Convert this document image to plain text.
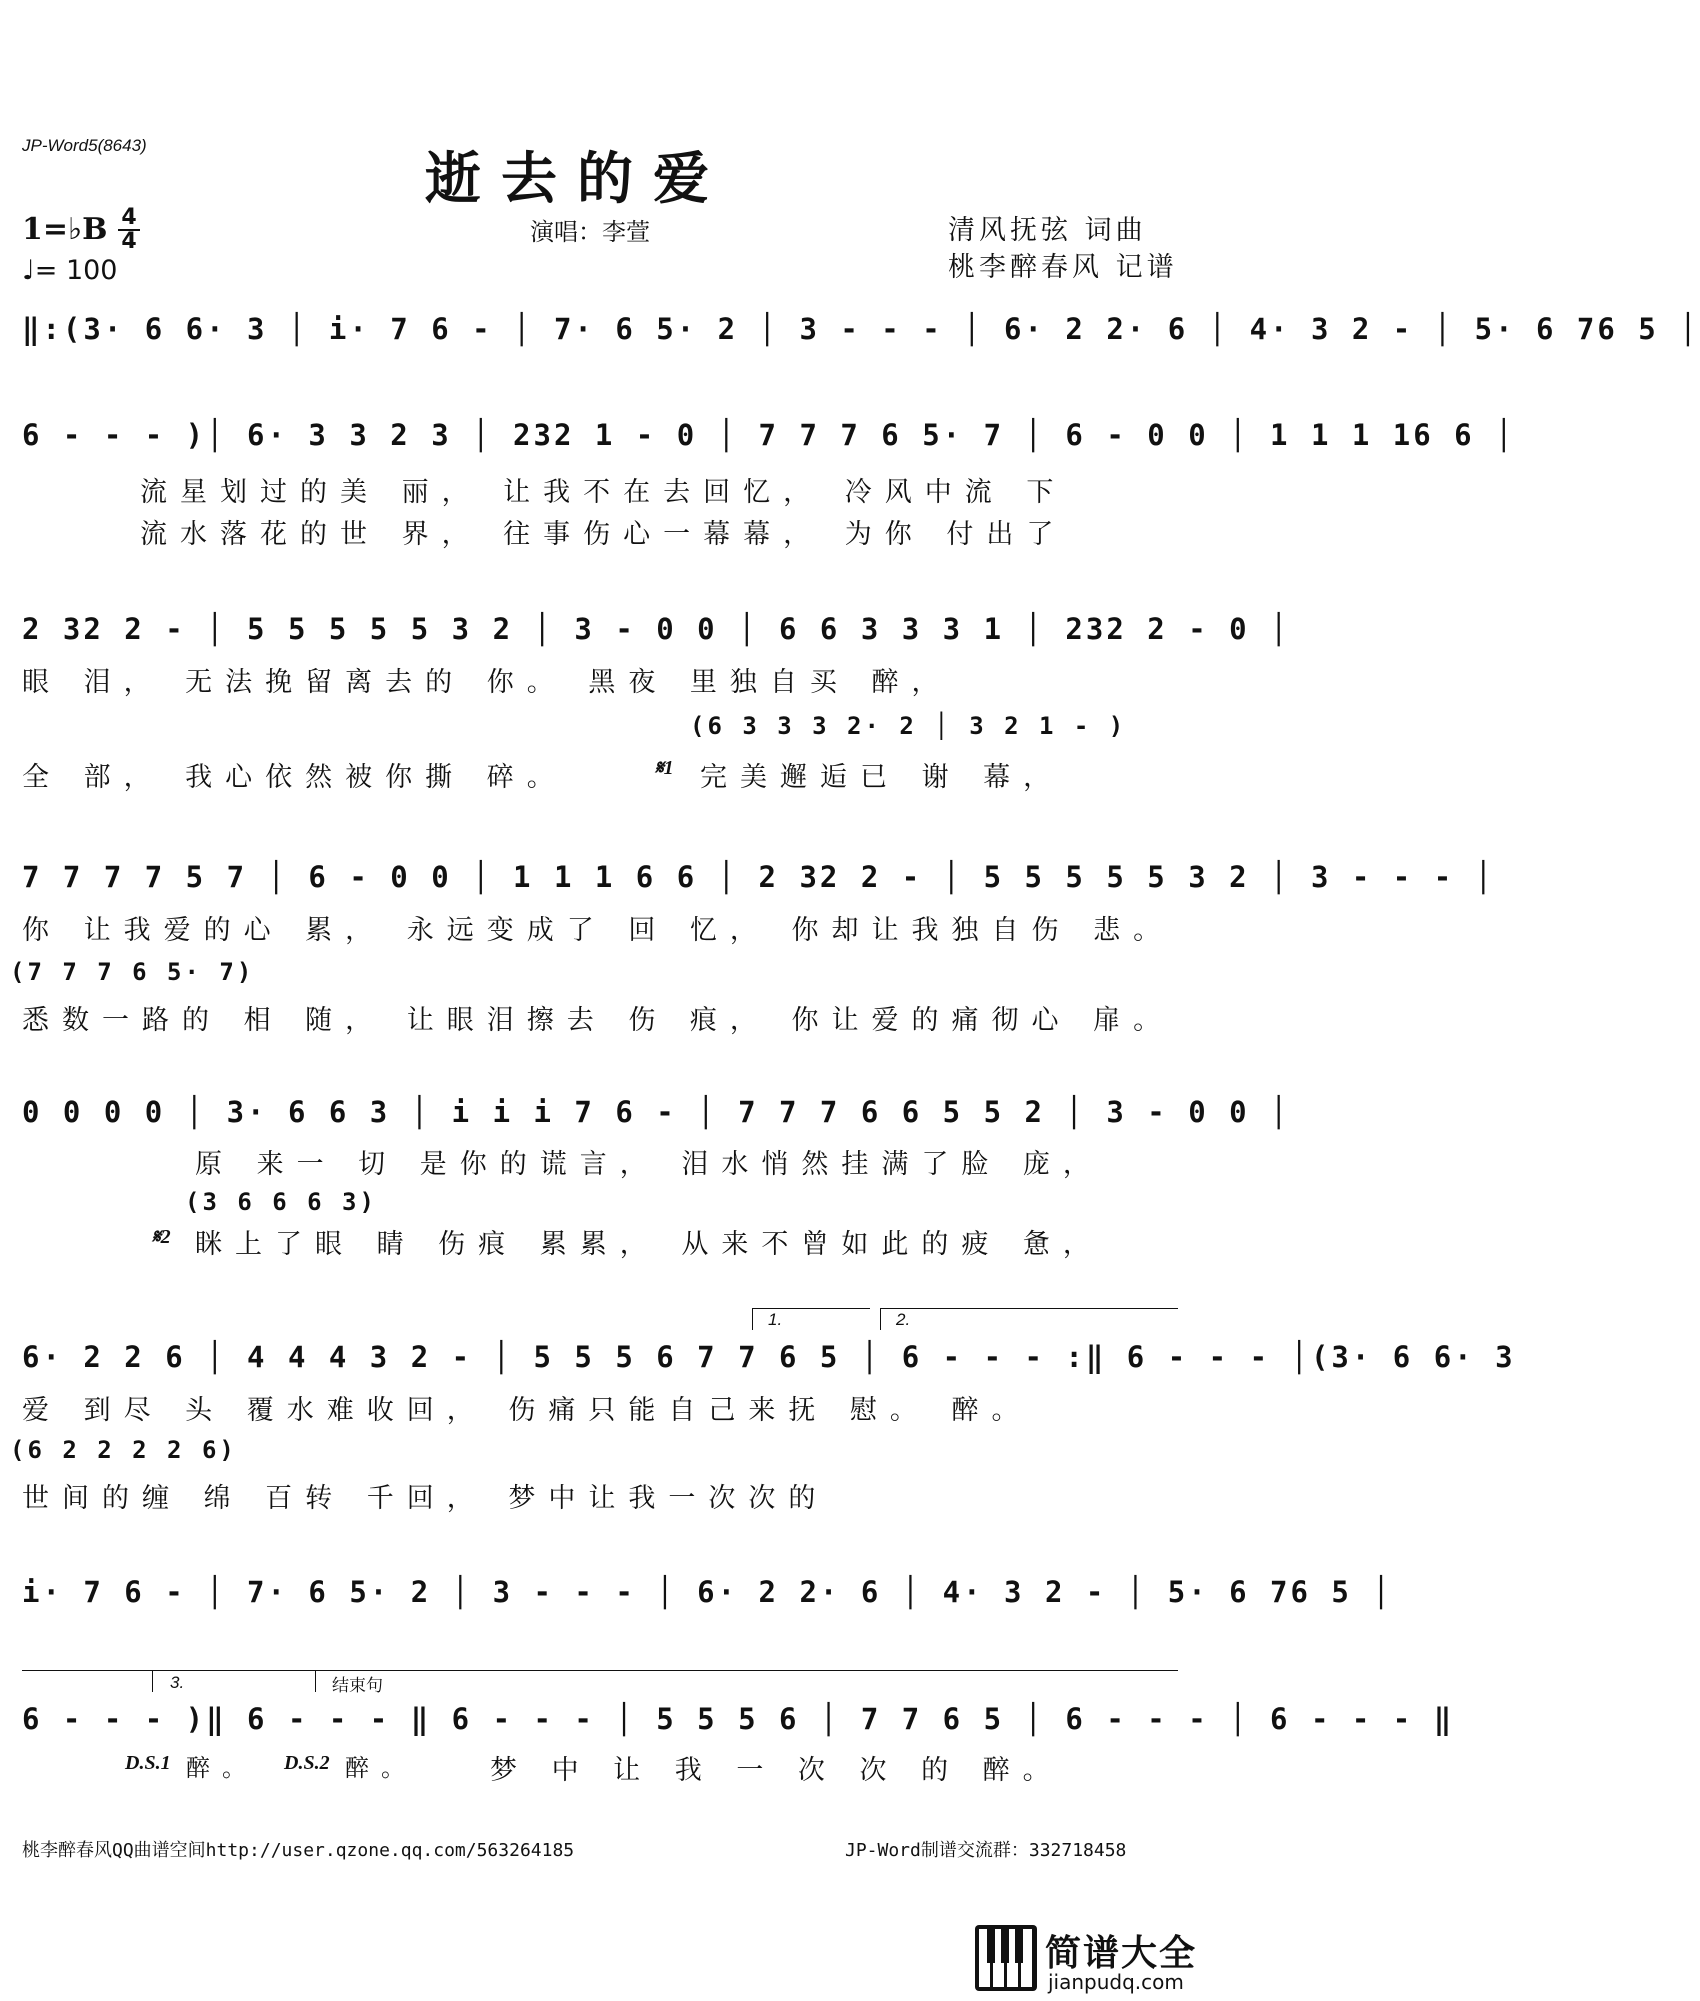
JP-Word5(8643)
逝去的爱
1=♭B 4
4
♩= 100
演唱：李萱	清风抚弦 词曲
桃李醉春风 记谱
‖:(3· 6 6· 3 │ i· 7 6 - │ 7· 6 5· 2 │ 3 - - - │ 6· 2 2· 6 │ 4· 3 2 - │ 5· 6 76 5 │
6 - - - )│ 6· 3 3 2 3 │ 232 1 - 0 │ 7 7 7 6 5· 7 │ 6 - 0 0 │ 1 1 1 16 6 │
流星划过的美 丽， 让我不在去回忆， 冷风中流 下
流水落花的世 界， 往事伤心一幕幕， 为你 付出了
2 32 2 - │ 5 5 5 5 5 3 2 │ 3 - 0 0 │ 6 6 3 3 3 1 │ 232 2 - 0 │
眼 泪， 无法挽留离去的 你。 黑夜 里独自买 醉，
(6 3 3 3 2· 2 │ 3 2 1 - )
全 部， 我心依然被你撕 碎。	𝄋1 完美邂逅已 谢 幕，
7 7 7 7 5 7 │ 6 - 0 0 │ 1 1 1 6 6 │ 2 32 2 - │ 5 5 5 5 5 3 2 │ 3 - - - │
你 让我爱的心 累， 永远变成了 回 忆， 你却让我独自伤 悲。
(7 7 7 6 5· 7)
悉数一路的 相 随， 让眼泪擦去 伤 痕， 你让爱的痛彻心 扉。
0 0 0 0 │ 3· 6 6 3 │ i i i 7 6 - │ 7 7 7 6 6 5 5 2 │ 3 - 0 0 │
原 来一 切 是你的谎言， 泪水悄然挂满了脸 庞，
(3 6 6 6 3)
𝄋2 眯上了眼 睛 伤痕 累累， 从来不曾如此的疲 惫，
1.	2.
6· 2 2 6 │ 4 4 4 3 2 - │ 5 5 5 6 7 7 6 5 │ 6 - - - :‖ 6 - - - │(3· 6 6· 3
爱 到尽 头 覆水难收回， 伤痛只能自己来抚 慰。 醉。
(6 2 2 2 2 6)
世间的缠 绵 百转 千回， 梦中让我一次次的
i· 7 6 - │ 7· 6 5· 2 │ 3 - - - │ 6· 2 2· 6 │ 4· 3 2 - │ 5· 6 76 5 │
3.	结束句
6 - - - )‖ 6 - - - ‖ 6 - - - │ 5 5 5 6 │ 7 7 6 5 │ 6 - - - │ 6 - - - ‖
D.S.1 醉。 D.S.2 醉。	梦 中 让 我 一 次 次 的 醉。
桃李醉春风QQ曲谱空间http://user.qzone.qq.com/563264185	JP-Word制谱交流群：332718458
简谱大全
jianpudq.com
